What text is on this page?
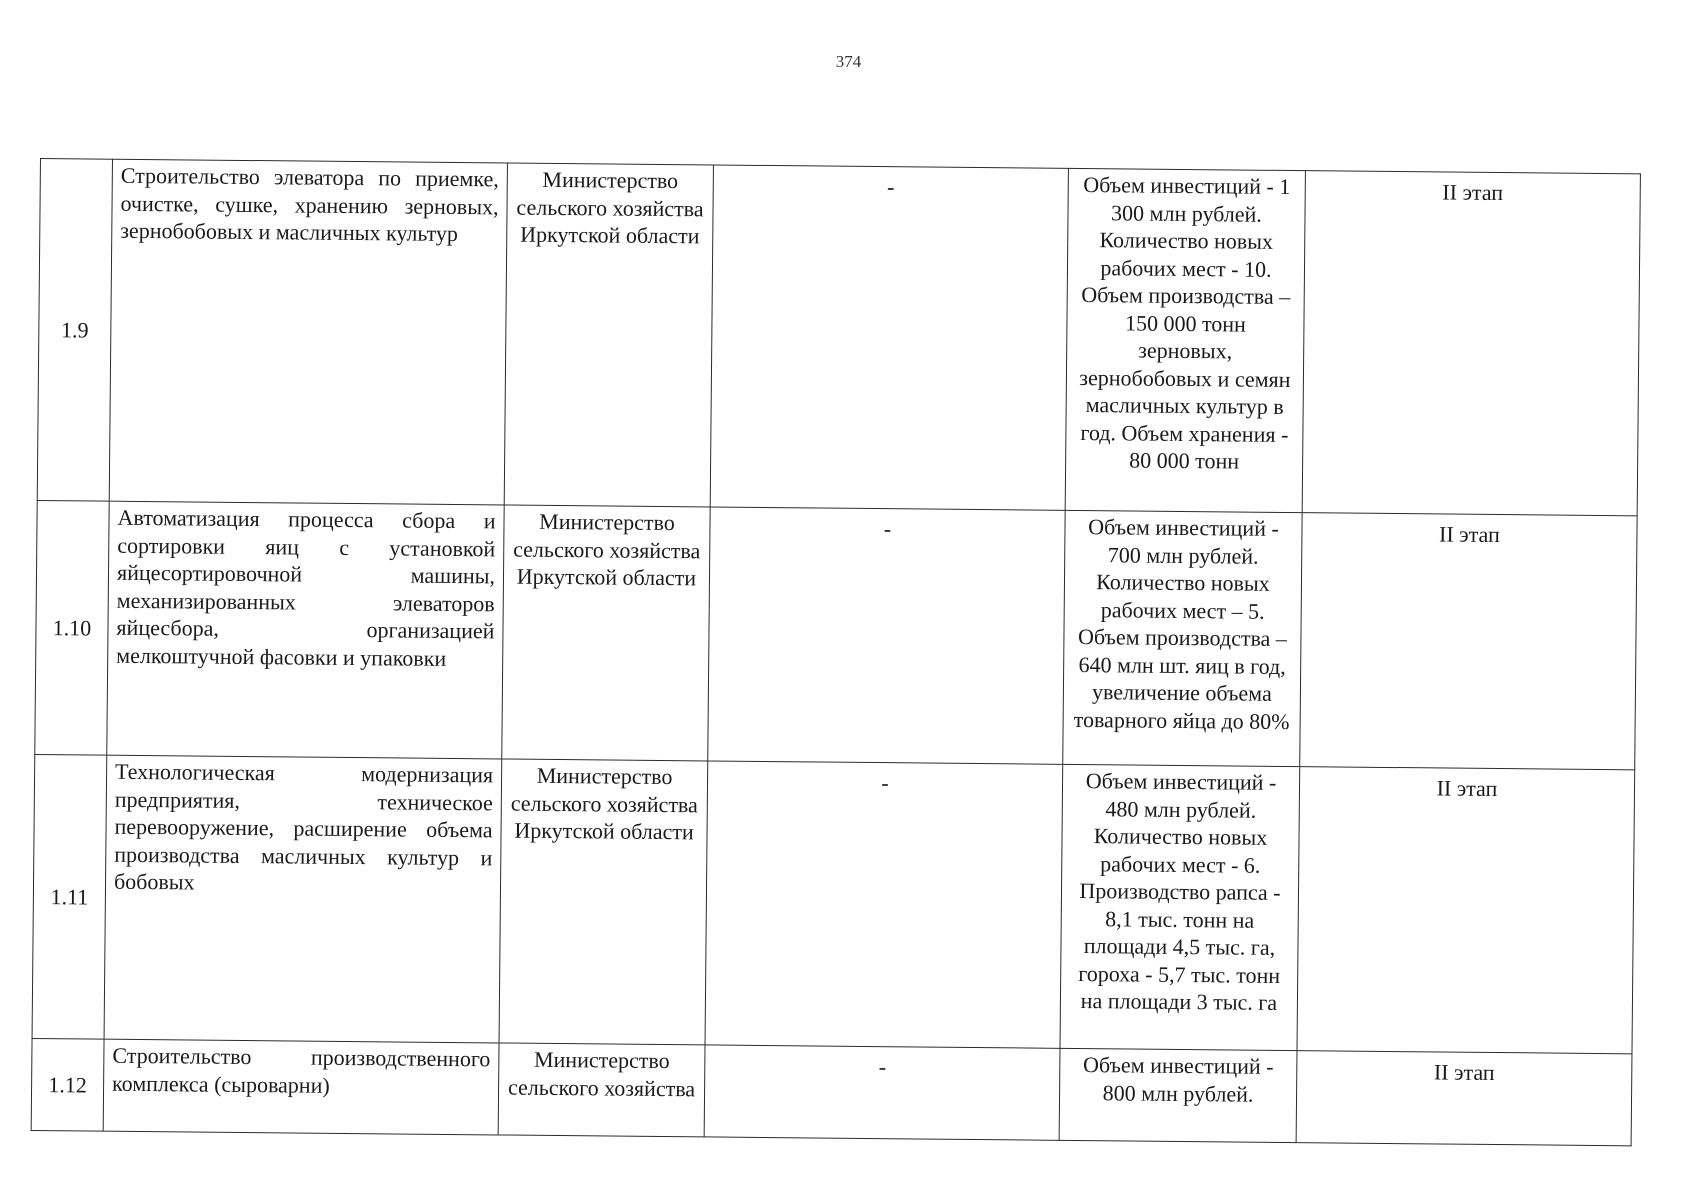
374
1.9	Строительство элеватора по приемке, очистке, сушке, хранению зерновых, зернобобовых и масличных культур	Министерство сельского хозяйства Иркутской области	-	Объем инвестиций - 1 300 млн рублей. Количество новых рабочих мест - 10. Объем производства – 150 000 тонн зерновых, зернобобовых и семян масличных культур в год. Объем хранения - 80 000 тонн	II этап
1.10	Автоматизация процесса сбора и сортировки яиц с установкой яйцесортировочной машины, механизированных элеваторов яйцесбора, организацией мелкоштучной фасовки и упаковки	Министерство сельского хозяйства Иркутской области	-	Объем инвестиций - 700 млн рублей. Количество новых рабочих мест – 5. Объем производства – 640 млн шт. яиц в год, увеличение объема товарного яйца до 80%	II этап
1.11	Технологическая модернизация предприятия, техническое перевооружение, расширение объема производства масличных культур и бобовых	Министерство сельского хозяйства Иркутской области	-	Объем инвестиций - 480 млн рублей. Количество новых рабочих мест - 6. Производство рапса - 8,1 тыс. тонн на площади 4,5 тыс. га, гороха - 5,7 тыс. тонн на площади 3 тыс. га	II этап
1.12	Строительство производственного комплекса (сыроварни)	Министерство сельского хозяйства	-	Объем инвестиций - 800 млн рублей.	II этап
